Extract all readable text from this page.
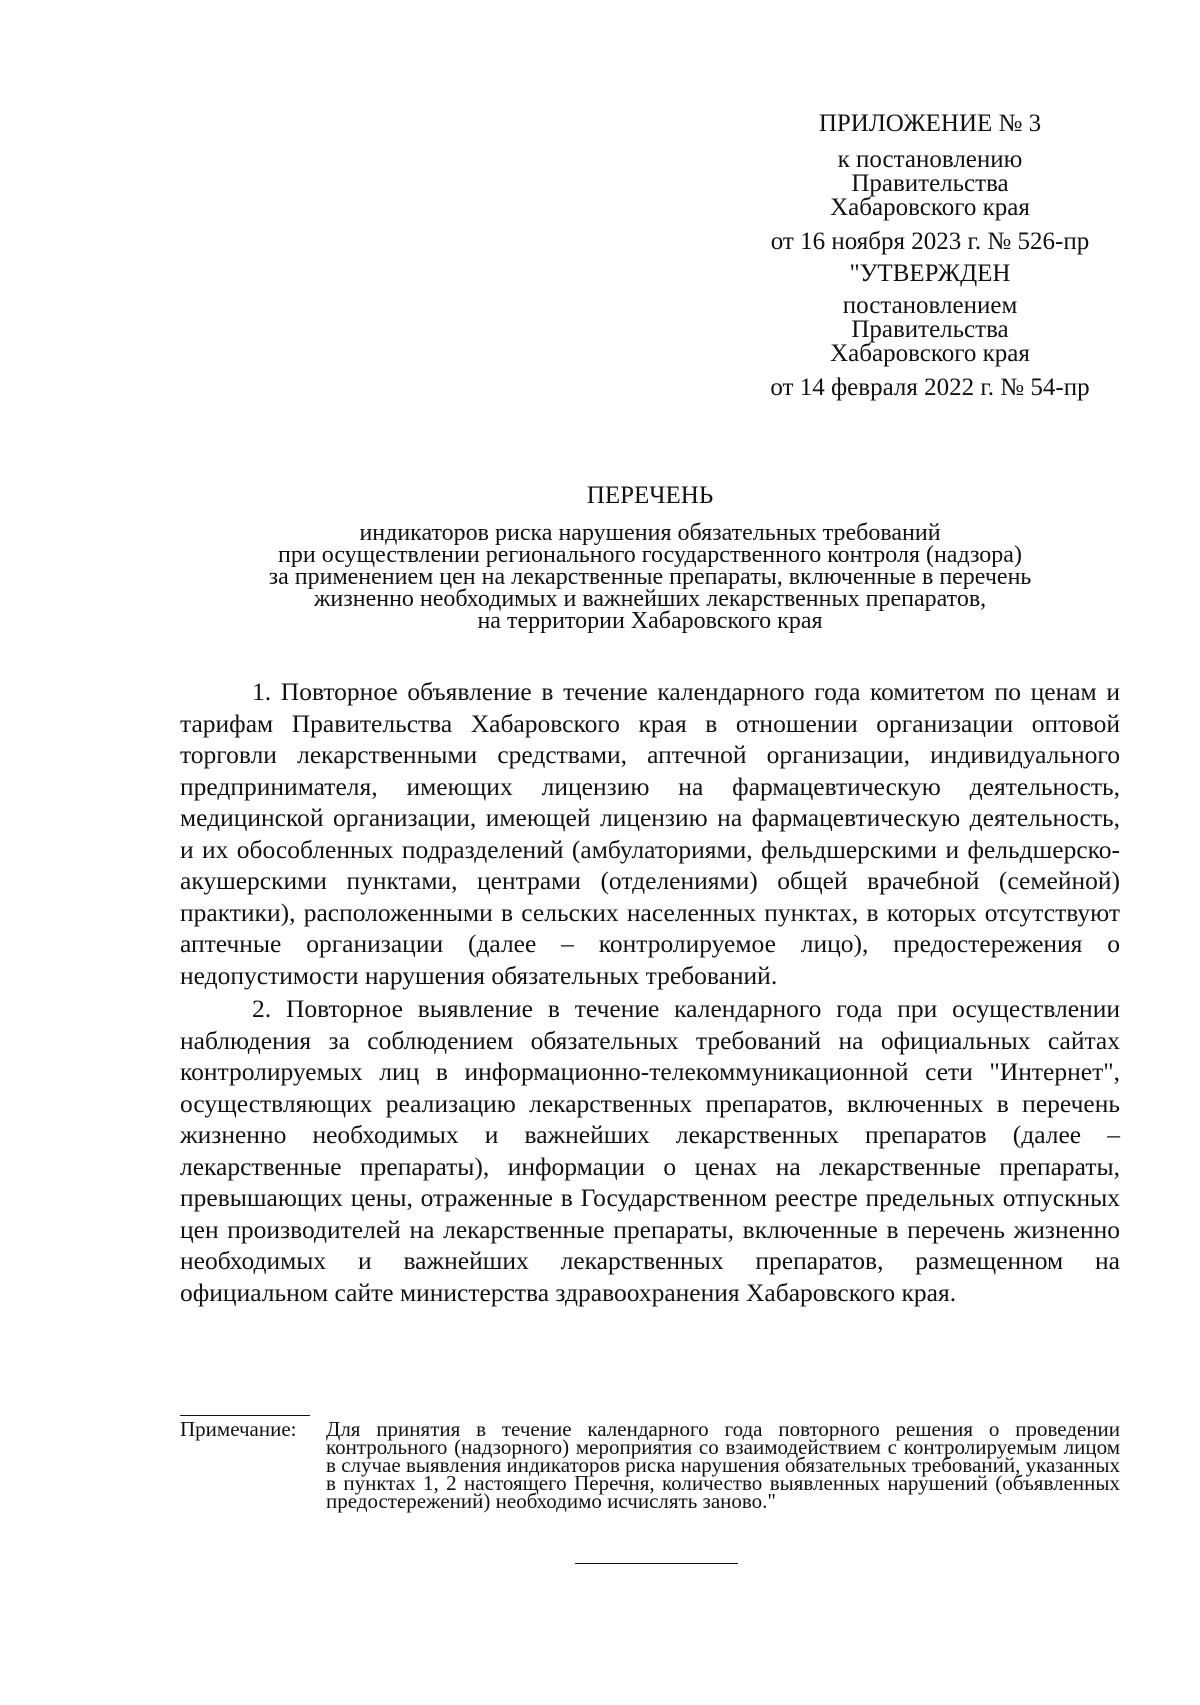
ПРИЛОЖЕНИЕ № 3
к постановлению
Правительства
Хабаровского края
от 16 ноября 2023 г. № 526-пр
"УТВЕРЖДЕН
постановлением
Правительства
Хабаровского края
от 14 февраля 2022 г. № 54-пр
ПЕРЕЧЕНЬ
индикаторов риска нарушения обязательных требований
при осуществлении регионального государственного контроля (надзора)
за применением цен на лекарственные препараты, включенные в перечень
жизненно необходимых и важнейших лекарственных препаратов,
на территории Хабаровского края

1. Повторное объявление в течение календарного года комитетом по ценам и тарифам Правительства Хабаровского края в отношении организации оптовой торговли лекарственными средствами, аптечной организации, индивидуального предпринимателя, имеющих лицензию на фармацевтическую деятельность, медицинской организации, имеющей лицензию на фармацевтическую деятельность, и их обособленных подразделений (амбулаториями, фельдшерскими и фельдшерско-акушерскими пунктами, центрами (отделениями) общей врачебной (семейной) практики), расположенными в сельских населенных пунктах, в которых отсутствуют аптечные организации (далее – контролируемое лицо), предостережения о недопустимости нарушения обязательных требований.

2. Повторное выявление в течение календарного года при осуществлении наблюдения за соблюдением обязательных требований на официальных сайтах контролируемых лиц в информационно-телекоммуникационной сети "Интернет", осуществляющих реализацию лекарственных препаратов, включенных в перечень жизненно необходимых и важнейших лекарственных препаратов (далее – лекарственные препараты), информации о ценах на лекарственные препараты, превышающих цены, отраженные в Государственном реестре предельных отпускных цен производителей на лекарственные препараты, включенные в перечень жизненно необходимых и важнейших лекарственных препаратов, размещенном на официальном сайте министерства здравоохранения Хабаровского края.

Примечание: Для принятия в течение календарного года повторного решения о проведении контрольного (надзорного) мероприятия со взаимодействием с контролируемым лицом в случае выявления индикаторов риска нарушения обязательных требований, указанных в пунктах 1, 2 настоящего Перечня, количество выявленных нарушений (объявленных предостережений) необходимо исчислять заново."
